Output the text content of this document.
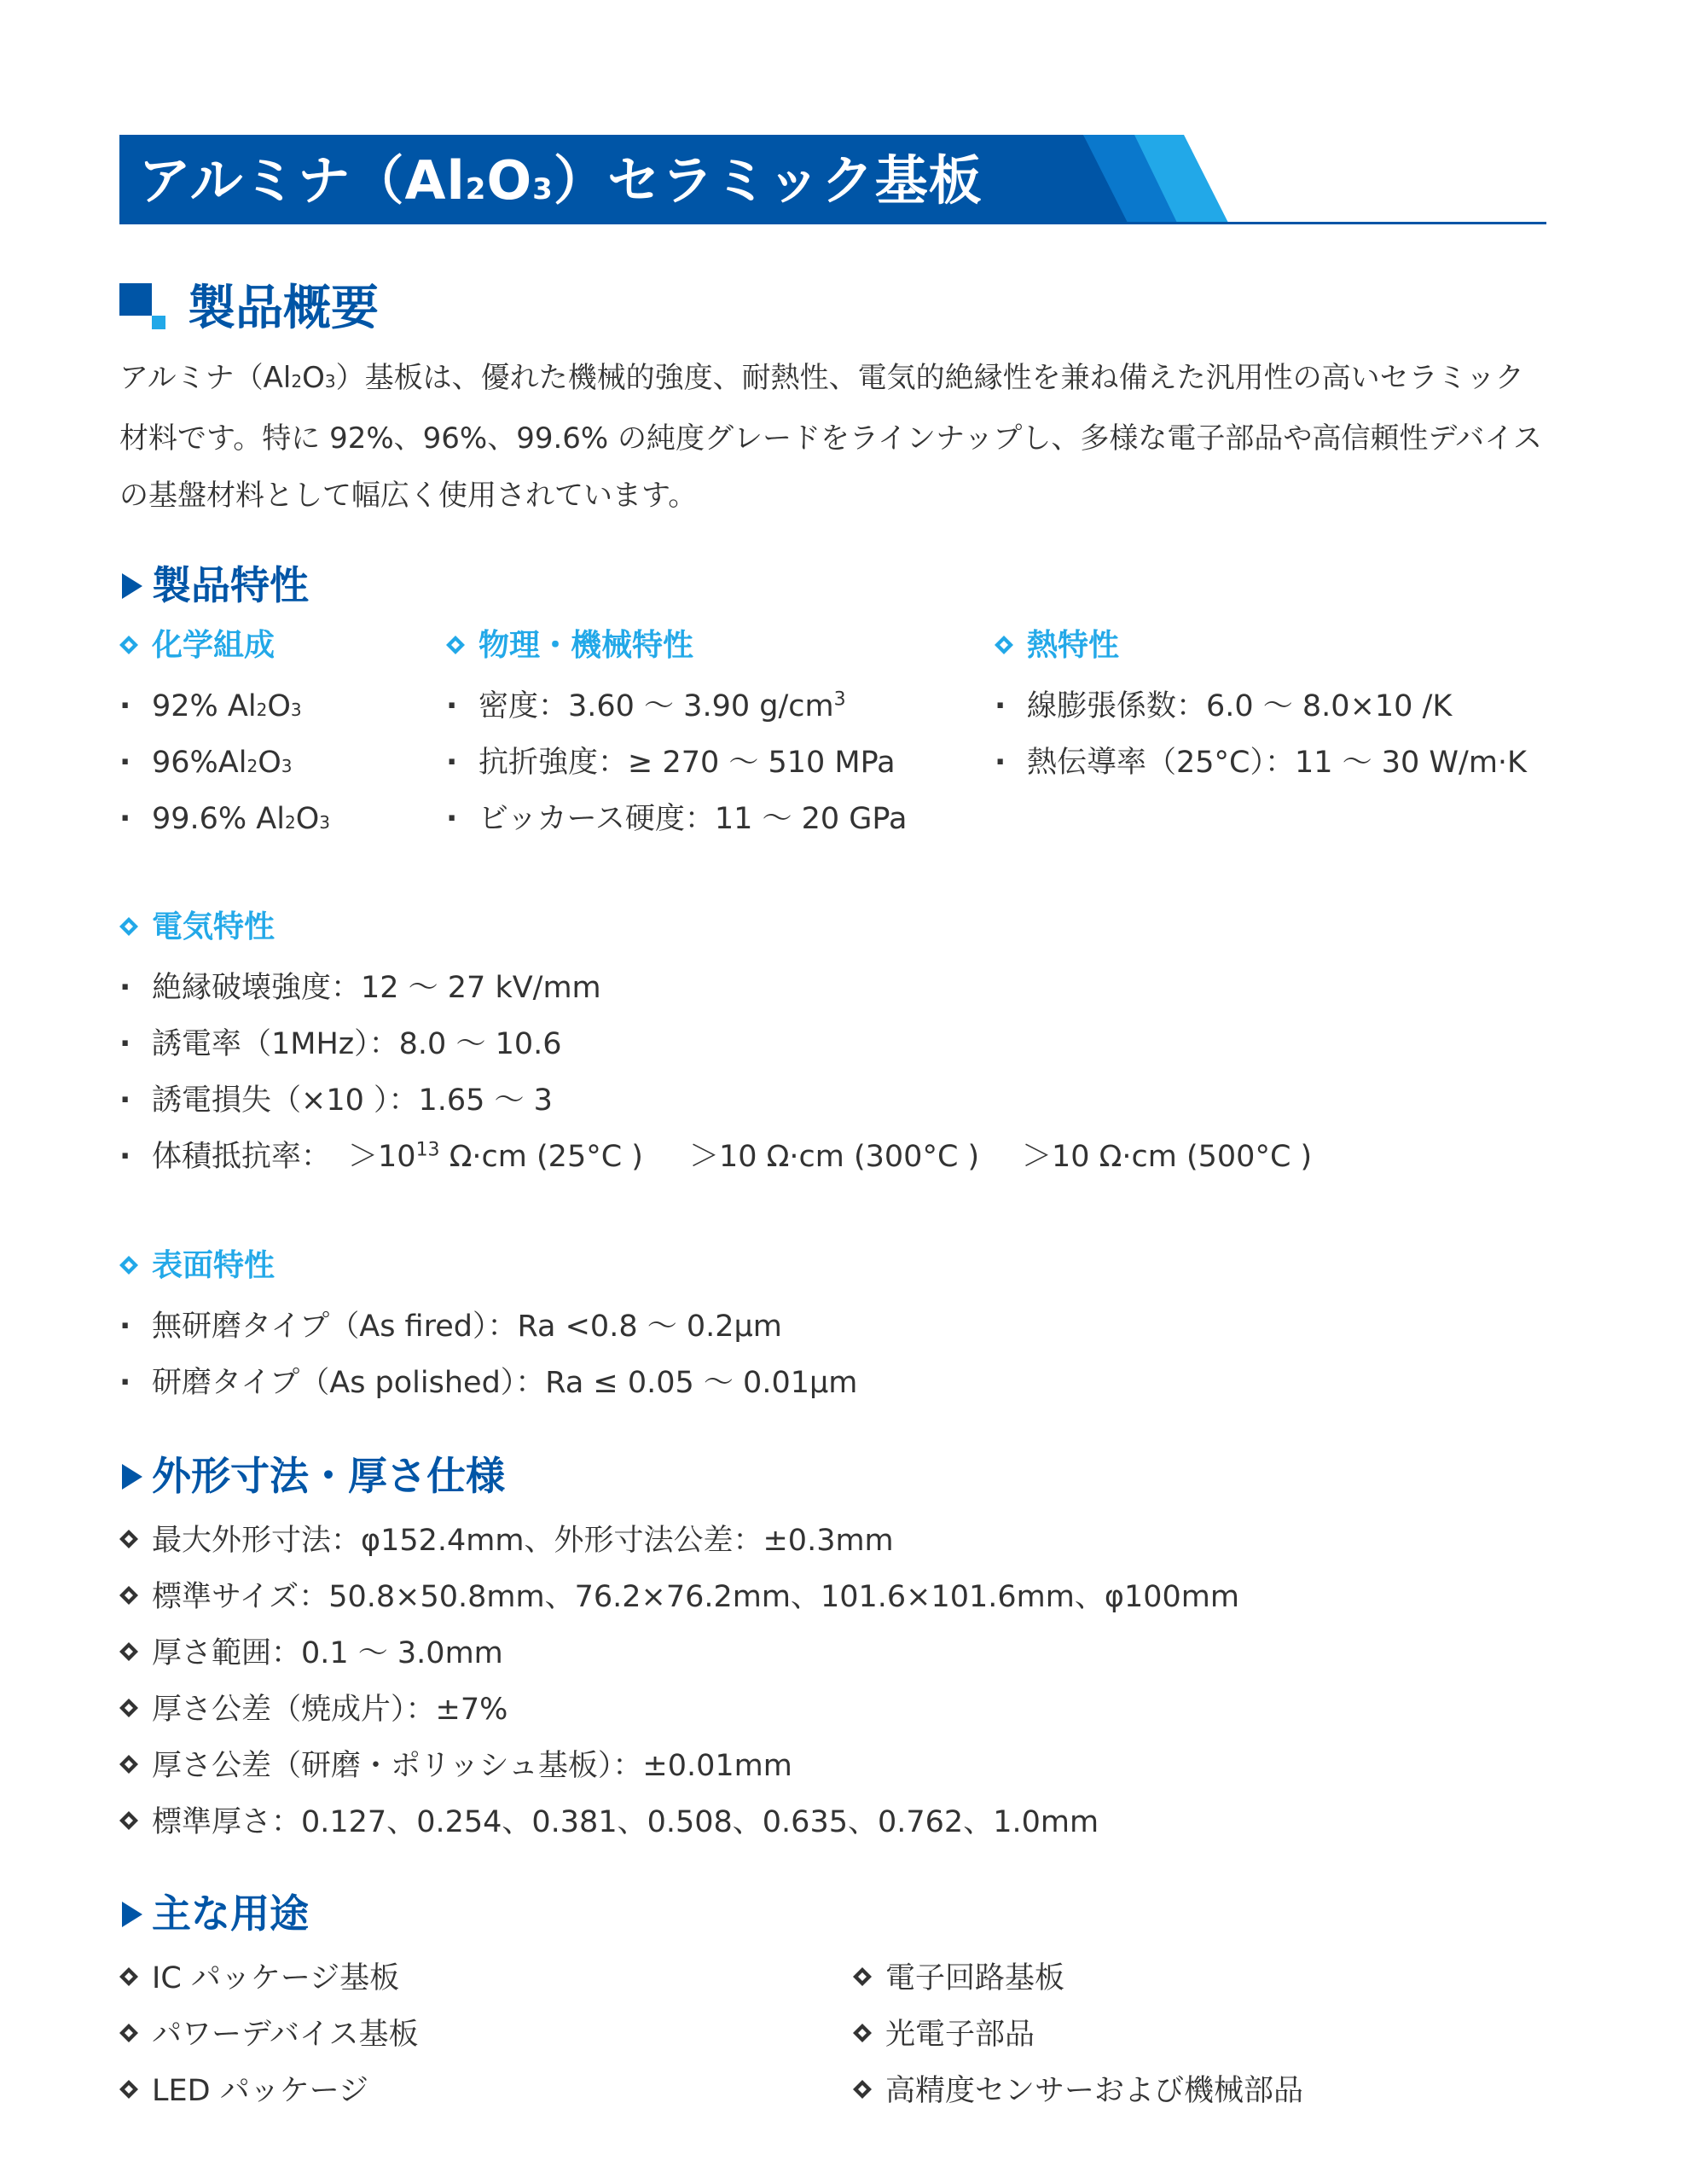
アルミナ（Al2O3）セラミック基板
製品概要
アルミナ（Al2O3）基板は、優れた機械的強度、耐熱性、電気的絶縁性を兼ね備えた汎用性の高いセラミック材料です。特に 92%、96%、99.6% の純度グレードをラインナップし、多様な電子部品や高信頼性デバイスの基盤材料として幅広く使用されています。
製品特性
化学組成
· 92% Al2O3
· 96%Al2O3
· 99.6% Al2O3
物理・機械特性
· 密度：3.60 ～ 3.90 $g/cm^3$
· 抗折強度：≥ 270 ～ 510 MPa
· ビッカース硬度：11 ～ 20 GPa
熱特性
· 線膨張係数：6.0 ～ 8.0×10 /K
· 熱伝導率（25°C）：11 ～ 30 W/m·K
電気特性
· 絶縁破壊強度：12 ～ 27 kV/mm
· 誘電率（1MHz）：8.0 ～ 10.6
· 誘電損失（×10 ）：1.65 ～ 3
· 体積抵抗率： $>10^{13}$ Ω·cm (25°C ) ＞10 Ω·cm (300°C ) ＞10 Ω·cm (500°C )
表面特性
· 無研磨タイプ（As fired）：Ra <0.8 ～ 0.2μm
· 研磨タイプ（As polished）：Ra ≤ 0.05 ～ 0.01μm
外形寸法・厚さ仕様
最大外形寸法：φ152.4mm、外形寸法公差：±0.3mm
標準サイズ：50.8×50.8mm、76.2×76.2mm、101.6×101.6mm、φ100mm
厚さ範囲：0.1 ～ 3.0mm
厚さ公差（焼成片）：±7%
厚さ公差（研磨・ポリッシュ基板）：±0.01mm
標準厚さ：0.127、0.254、0.381、0.508、0.635、0.762、1.0mm
主な用途
IC パッケージ基板
パワーデバイス基板
LED パッケージ
電子回路基板
光電子部品
高精度センサーおよび機械部品
